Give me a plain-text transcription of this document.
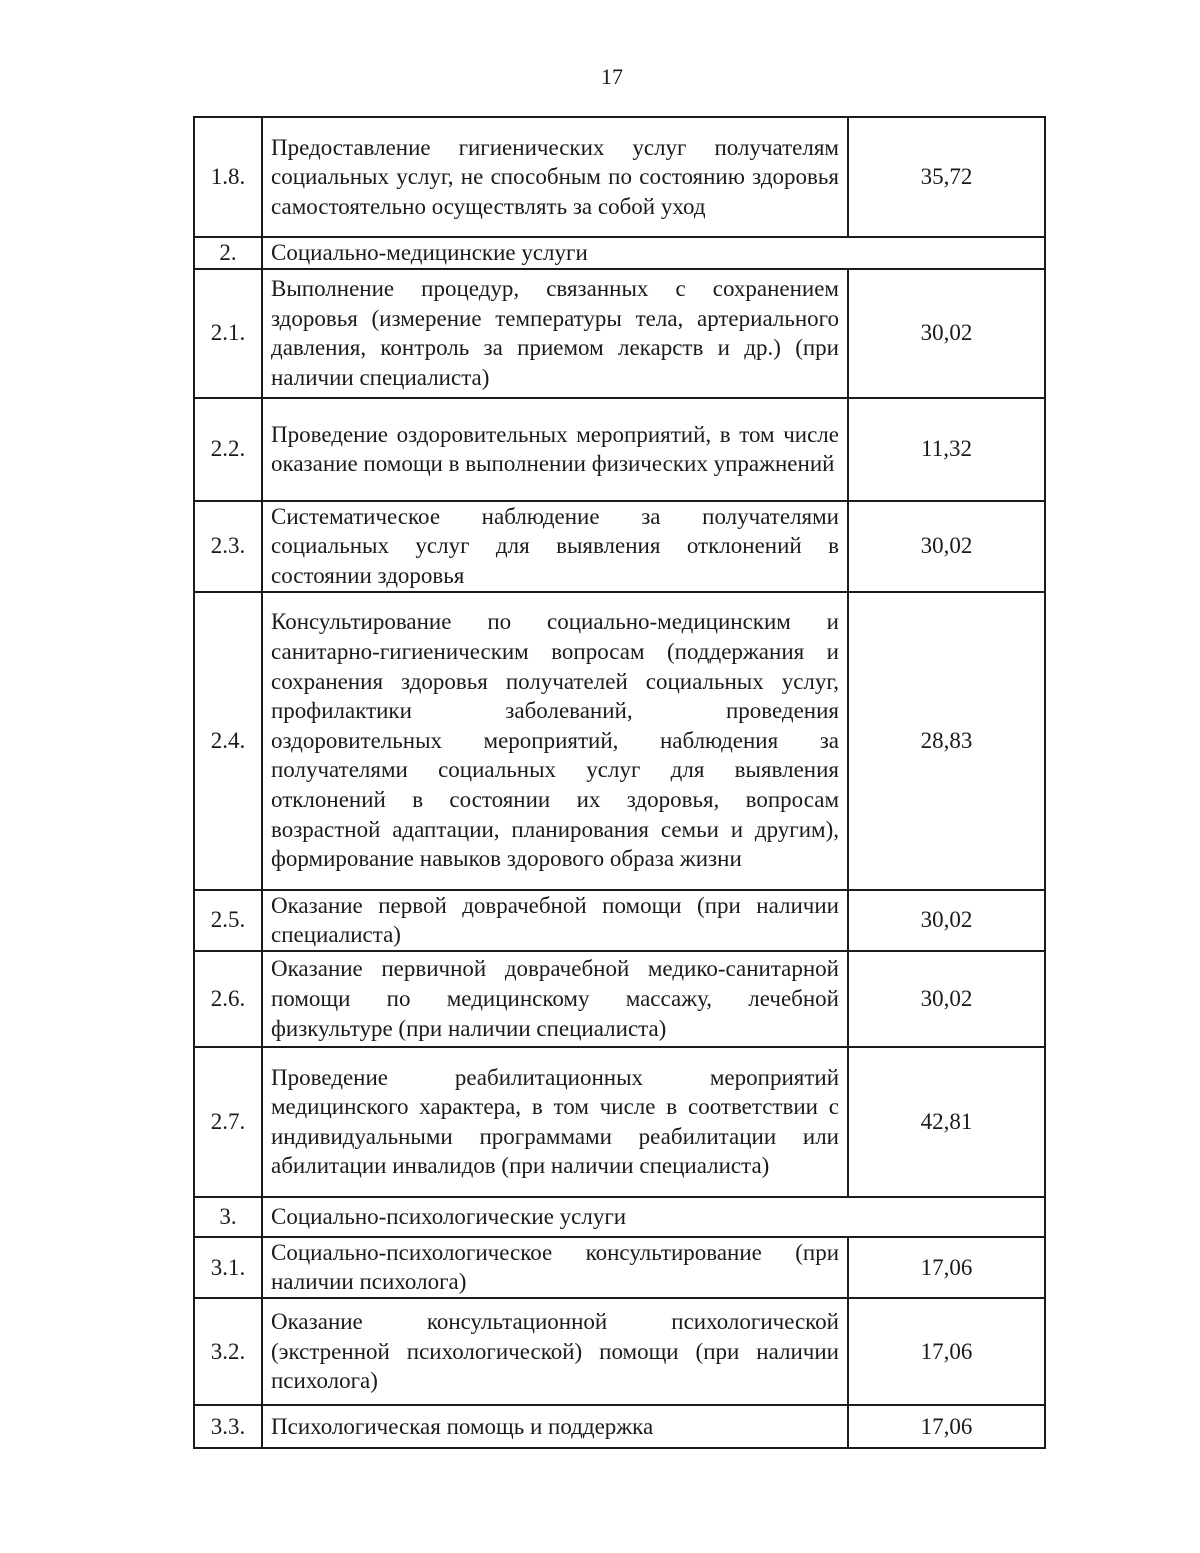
17
1.8.	Предоставление гигиенических услуг получателям социальных услуг, не способным по состоянию здоровья самостоятельно осуществлять за собой уход	35,72
2.	Социально-медицинские услуги	
2.1.	Выполнение процедур, связанных с сохранением здоровья (измерение температуры тела, артериального давления, контроль за приемом лекарств и др.) (при наличии специалиста)	30,02
2.2.	Проведение оздоровительных мероприятий, в том числе оказание помощи в выполнении физических упражнений	11,32
2.3.	Систематическое наблюдение за получателями социальных услуг для выявления отклонений в состоянии здоровья	30,02
2.4.	Консультирование по социально-медицинским и санитарно-гигиеническим вопросам (поддержания и сохранения здоровья получателей социальных услуг, профилактики заболеваний, проведения оздоровительных мероприятий, наблюдения за получателями социальных услуг для выявления отклонений в состоянии их здоровья, вопросам возрастной адаптации, планирования семьи и другим), формирование навыков здорового образа жизни	28,83
2.5.	Оказание первой доврачебной помощи (при наличии специалиста)	30,02
2.6.	Оказание первичной доврачебной медико-санитарной помощи по медицинскому массажу, лечебной физкультуре (при наличии специалиста)	30,02
2.7.	Проведение реабилитационных мероприятий медицинского характера, в том числе в соответствии с индивидуальными программами реабилитации или абилитации инвалидов (при наличии специалиста)	42,81
3.	Социально-психологические услуги	
3.1.	Социально-психологическое консультирование (при наличии психолога)	17,06
3.2.	Оказание консультационной психологической (экстренной психологической) помощи (при наличии психолога)	17,06
3.3.	Психологическая помощь и поддержка	17,06
